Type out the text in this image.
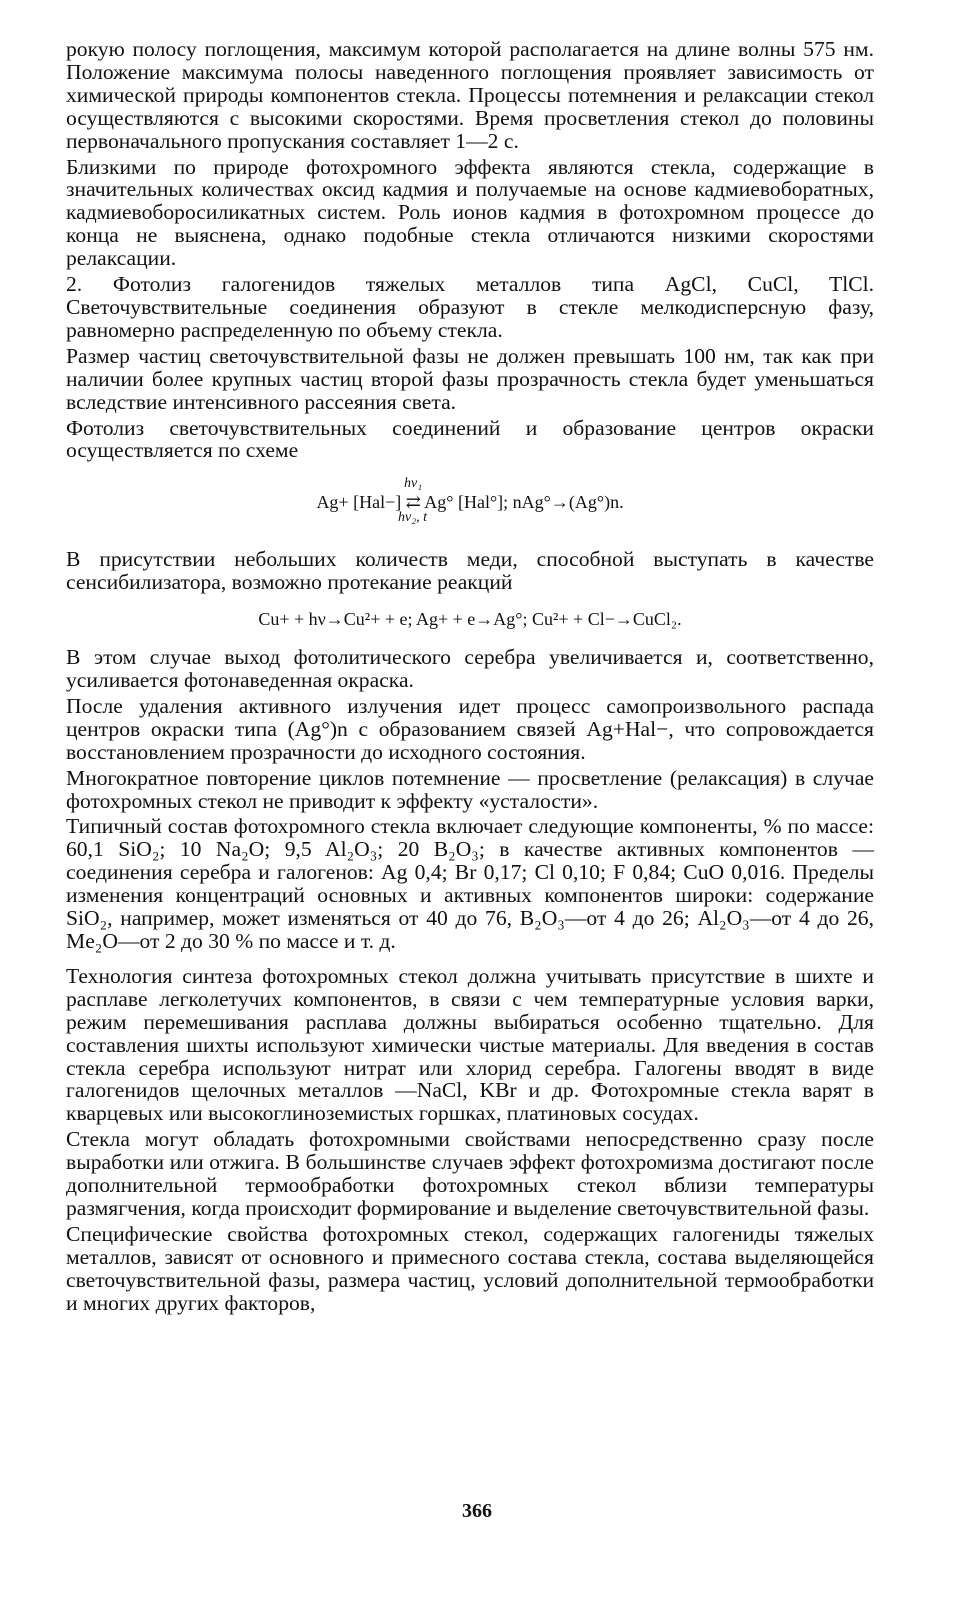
рокую полосу поглощения, максимум которой располагается на длине волны 575 нм. Положение максимума полосы наведенного поглощения проявляет зависимость от химической природы компонентов стекла. Процессы потемнения и релаксации стекол осуществляются с высокими скоростями. Время просветления стекол до половины первоначального пропускания составляет 1—2 с.

Близкими по природе фотохромного эффекта являются стекла, содержащие в значительных количествах оксид кадмия и получаемые на основе кадмиевоборатных, кадмиевоборосиликатных систем. Роль ионов кадмия в фотохромном процессе до конца не выяснена, однако подобные стекла отличаются низкими скоростями релаксации.

2. Фотолиз галогенидов тяжелых металлов типа AgCl, CuCl, TlCl. Светочувствительные соединения образуют в стекле мелкодисперсную фазу, равномерно распределенную по объему стекла.

Размер частиц светочувствительной фазы не должен превышать 100 нм, так как при наличии более крупных частиц второй фазы прозрачность стекла будет уменьшаться вследствие интенсивного рассеяния света.

Фотолиз светочувствительных соединений и образование центров окраски осуществляется по схеме

hν₁
Ag+ [Hal−] ⇄ Ag° [Hal°]; nAg°→(Ag°)n.
hν₂, t

В присутствии небольших количеств меди, способной выступать в качестве сенсибилизатора, возможно протекание реакций

Cu+ + hν→Cu²+ + e; Ag+ + e→Ag°; Cu²+ + Cl−→CuCl₂.

В этом случае выход фотолитического серебра увеличивается и, соответственно, усиливается фотонаведенная окраска.

После удаления активного излучения идет процесс самопроизвольного распада центров окраски типа (Ag°)n с образованием связей Ag+Hal−, что сопровождается восстановлением прозрачности до исходного состояния.

Многократное повторение циклов потемнение — просветление (релаксация) в случае фотохромных стекол не приводит к эффекту «усталости».

Типичный состав фотохромного стекла включает следующие компоненты, % по массе: 60,1 SiO₂; 10 Na₂O; 9,5 Al₂O₃; 20 B₂O₃; в качестве активных компонентов — соединения серебра и галогенов: Ag 0,4; Br 0,17; Cl 0,10; F 0,84; CuO 0,016. Пределы изменения концентраций основных и активных компонентов широки: содержание SiO₂, например, может изменяться от 40 до 76, B₂O₃—от 4 до 26; Al₂O₃—от 4 до 26, Me₂O—от 2 до 30 % по массе и т. д.

Технология синтеза фотохромных стекол должна учитывать присутствие в шихте и расплаве легколетучих компонентов, в связи с чем температурные условия варки, режим перемешивания расплава должны выбираться особенно тщательно. Для составления шихты используют химически чистые материалы. Для введения в состав стекла серебра используют нитрат или хлорид серебра. Галогены вводят в виде галогенидов щелочных металлов —NaCl, KBr и др. Фотохромные стекла варят в кварцевых или высокоглиноземистых горшках, платиновых сосудах.

Стекла могут обладать фотохромными свойствами непосредственно сразу после выработки или отжига. В большинстве случаев эффект фотохромизма достигают после дополнительной термообработки фотохромных стекол вблизи температуры размягчения, когда происходит формирование и выделение светочувствительной фазы.

Специфические свойства фотохромных стекол, содержащих галогениды тяжелых металлов, зависят от основного и примесного состава стекла, состава выделяющейся светочувствительной фазы, размера частиц, условий дополнительной термообработки и многих других факторов,

366
